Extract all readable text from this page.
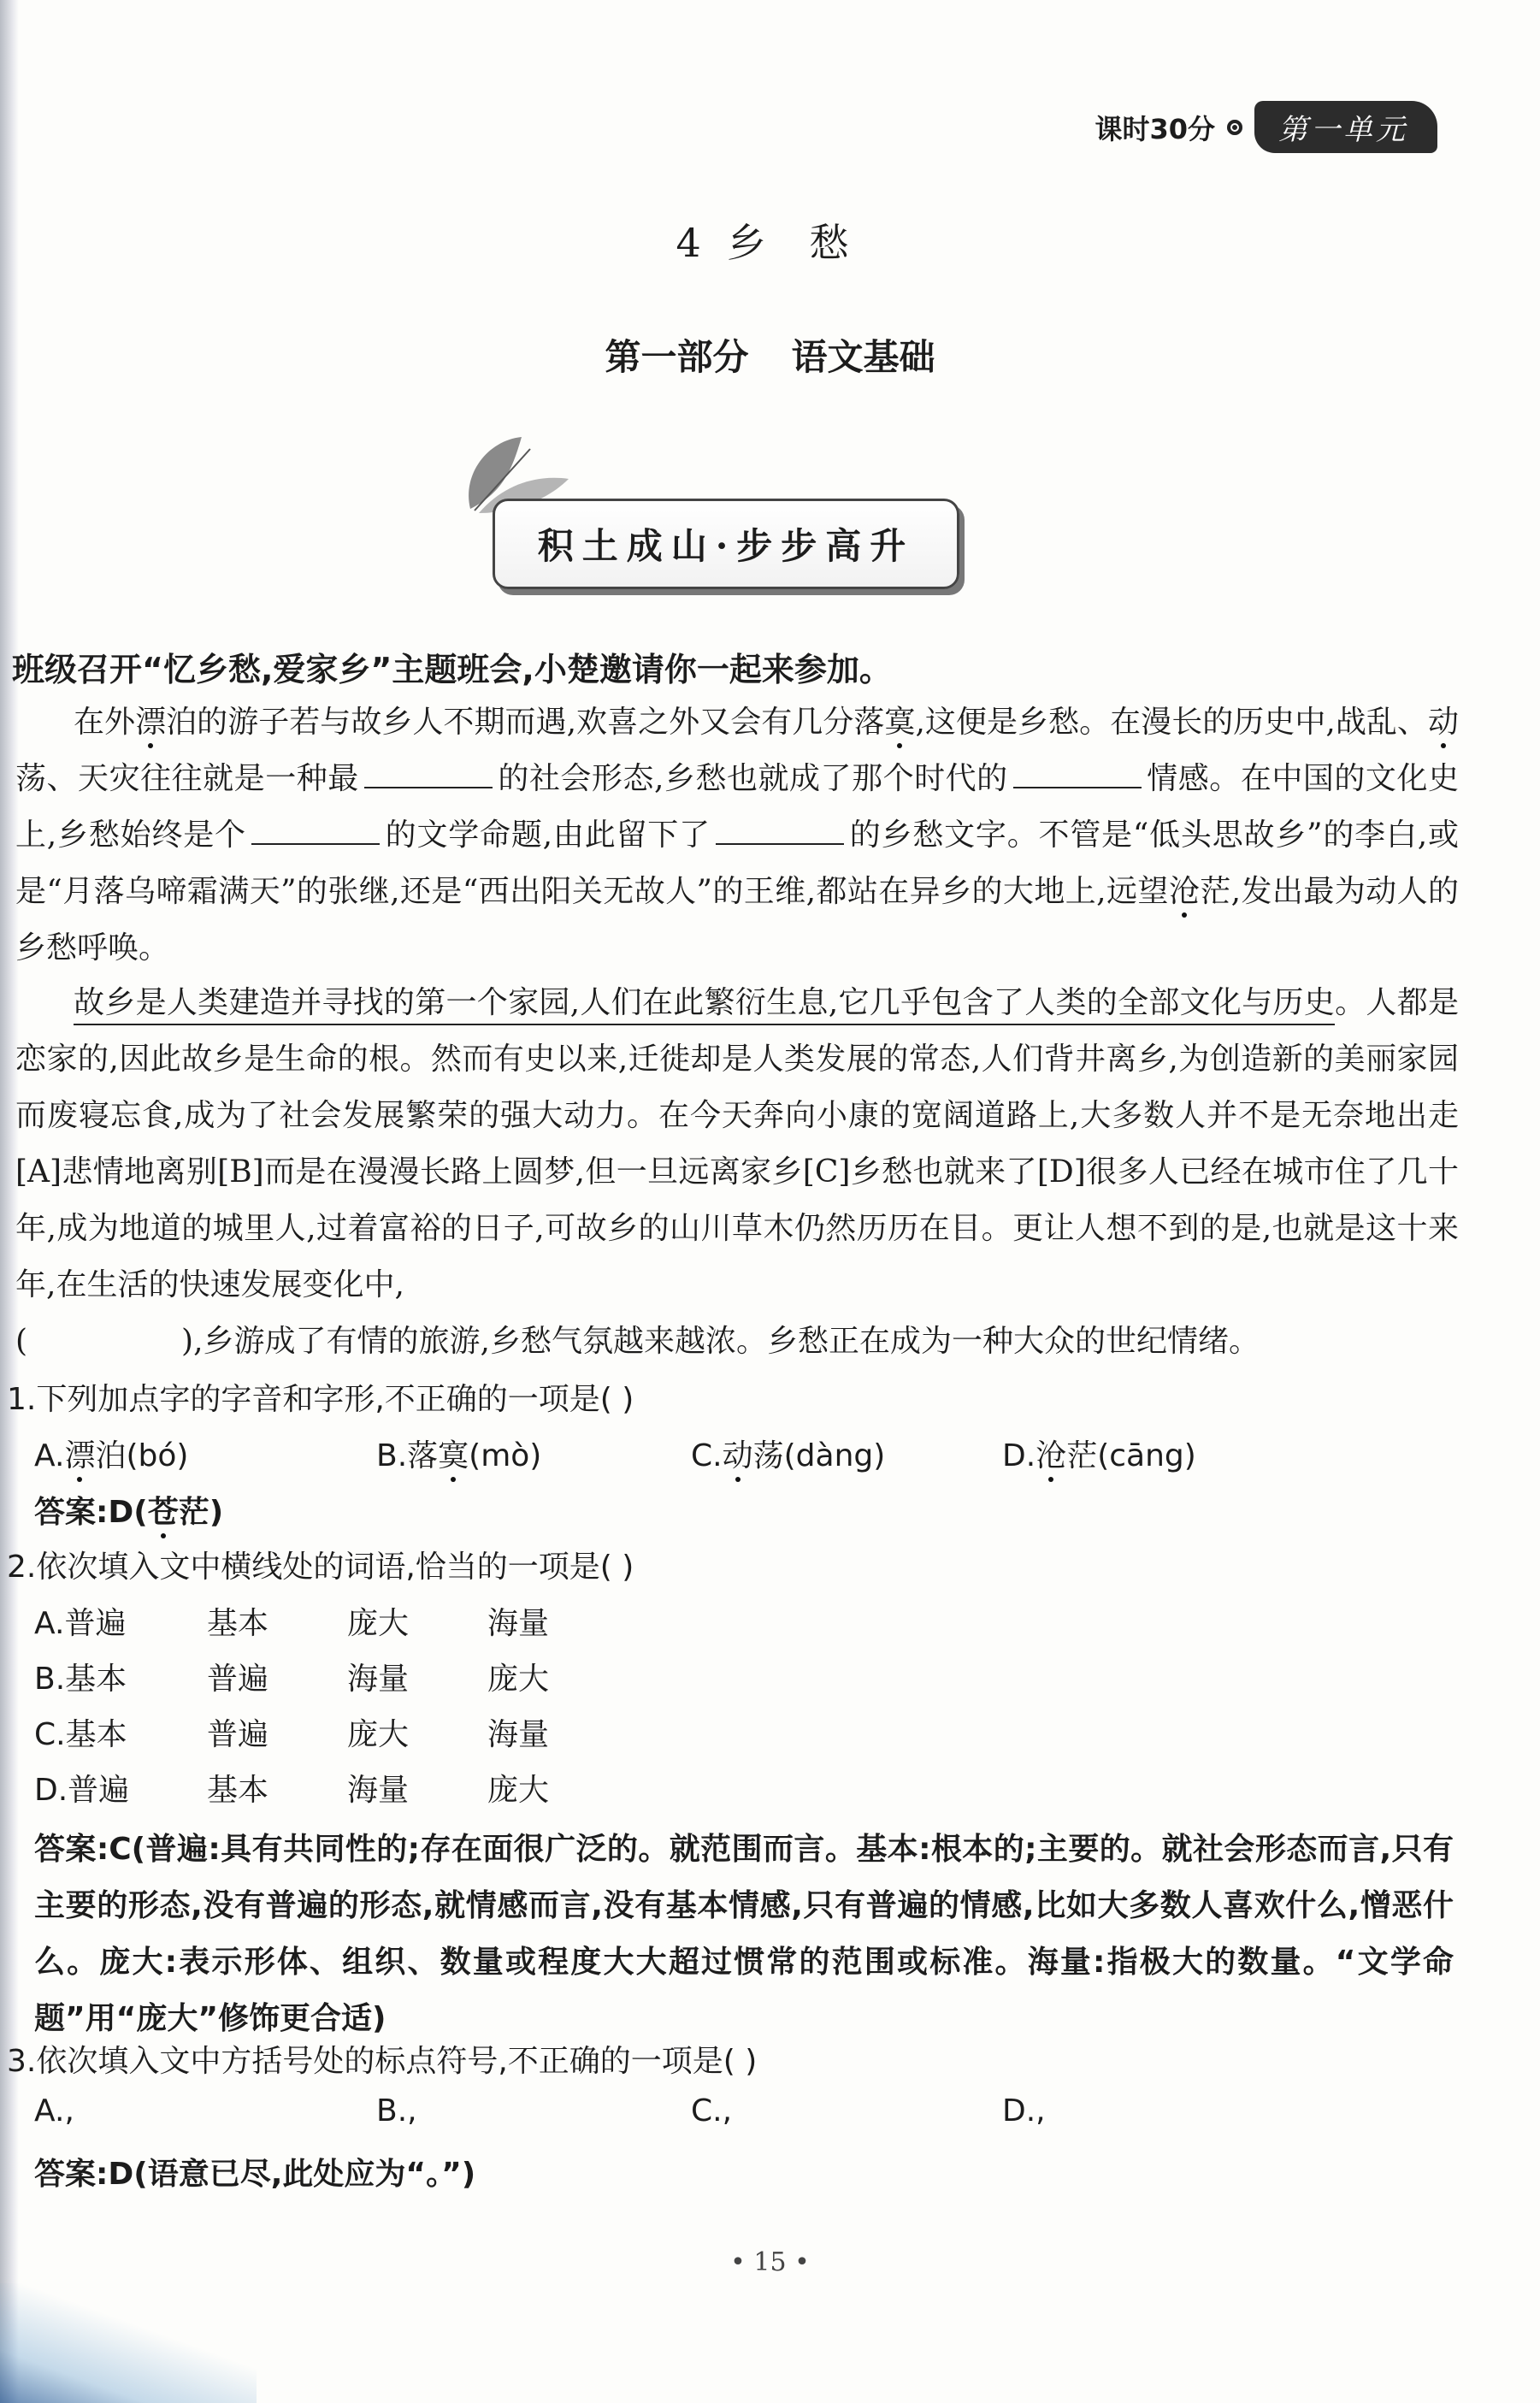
课时30分	第一单元
4 乡 愁
第一部分 语文基础
积土成山·步步高升
班级召开“忆乡愁,爱家乡”主题班会,小楚邀请你一起来参加。

在外漂泊的游子若与故乡人不期而遇,欢喜之外又会有几分落寞,这便是乡愁。在漫长的历史中,战乱、动荡、天灾往往就是一种最	的社会形态,乡愁也就成了那个时代的	情感。在中国的文化史上,乡愁始终是个	的文学命题,由此留下了	的乡愁文字。不管是“低头思故乡”的李白,或是“月落乌啼霜满天”的张继,还是“西出阳关无故人”的王维,都站在异乡的大地上,远望沧茫,发出最为动人的乡愁呼唤。

故乡是人类建造并寻找的第一个家园,人们在此繁衍生息,它几乎包含了人类的全部文化与历史。人都是恋家的,因此故乡是生命的根。然而有史以来,迁徙却是人类发展的常态,人们背井离乡,为创造新的美丽家园而废寝忘食,成为了社会发展繁荣的强大动力。在今天奔向小康的宽阔道路上,大多数人并不是无奈地出走[A]悲情地离别[B]而是在漫漫长路上圆梦,但一旦远离家乡[C]乡愁也就来了[D]很多人已经在城市住了几十年,成为地道的城里人,过着富裕的日子,可故乡的山川草木仍然历历在目。更让人想不到的是,也就是这十来年,在生活的快速发展变化中,
(	),乡游成了有情的旅游,乡愁气氛越来越浓。乡愁正在成为一种大众的世纪情绪。

1.下列加点字的字音和字形,不正确的一项是( )
A.漂泊(bó)	B.落寞(mò)	C.动荡(dàng)	D.沧茫(cāng)
答案:D(苍茫)
2.依次填入文中横线处的词语,恰当的一项是( )
A.普遍	基本	庞大	海量
B.基本	普遍	海量	庞大
C.基本	普遍	庞大	海量
D.普遍	基本	海量	庞大
答案:C(普遍:具有共同性的;存在面很广泛的。就范围而言。基本:根本的;主要的。就社会形态而言,只有主要的形态,没有普遍的形态,就情感而言,没有基本情感,只有普遍的情感,比如大多数人喜欢什么,憎恶什么。庞大:表示形体、组织、数量或程度大大超过惯常的范围或标准。海量:指极大的数量。“文学命题”用“庞大”修饰更合适)
3.依次填入文中方括号处的标点符号,不正确的一项是( )
A.,	B.,	C.,	D.,
答案:D(语意已尽,此处应为“。”)
• 15 •
